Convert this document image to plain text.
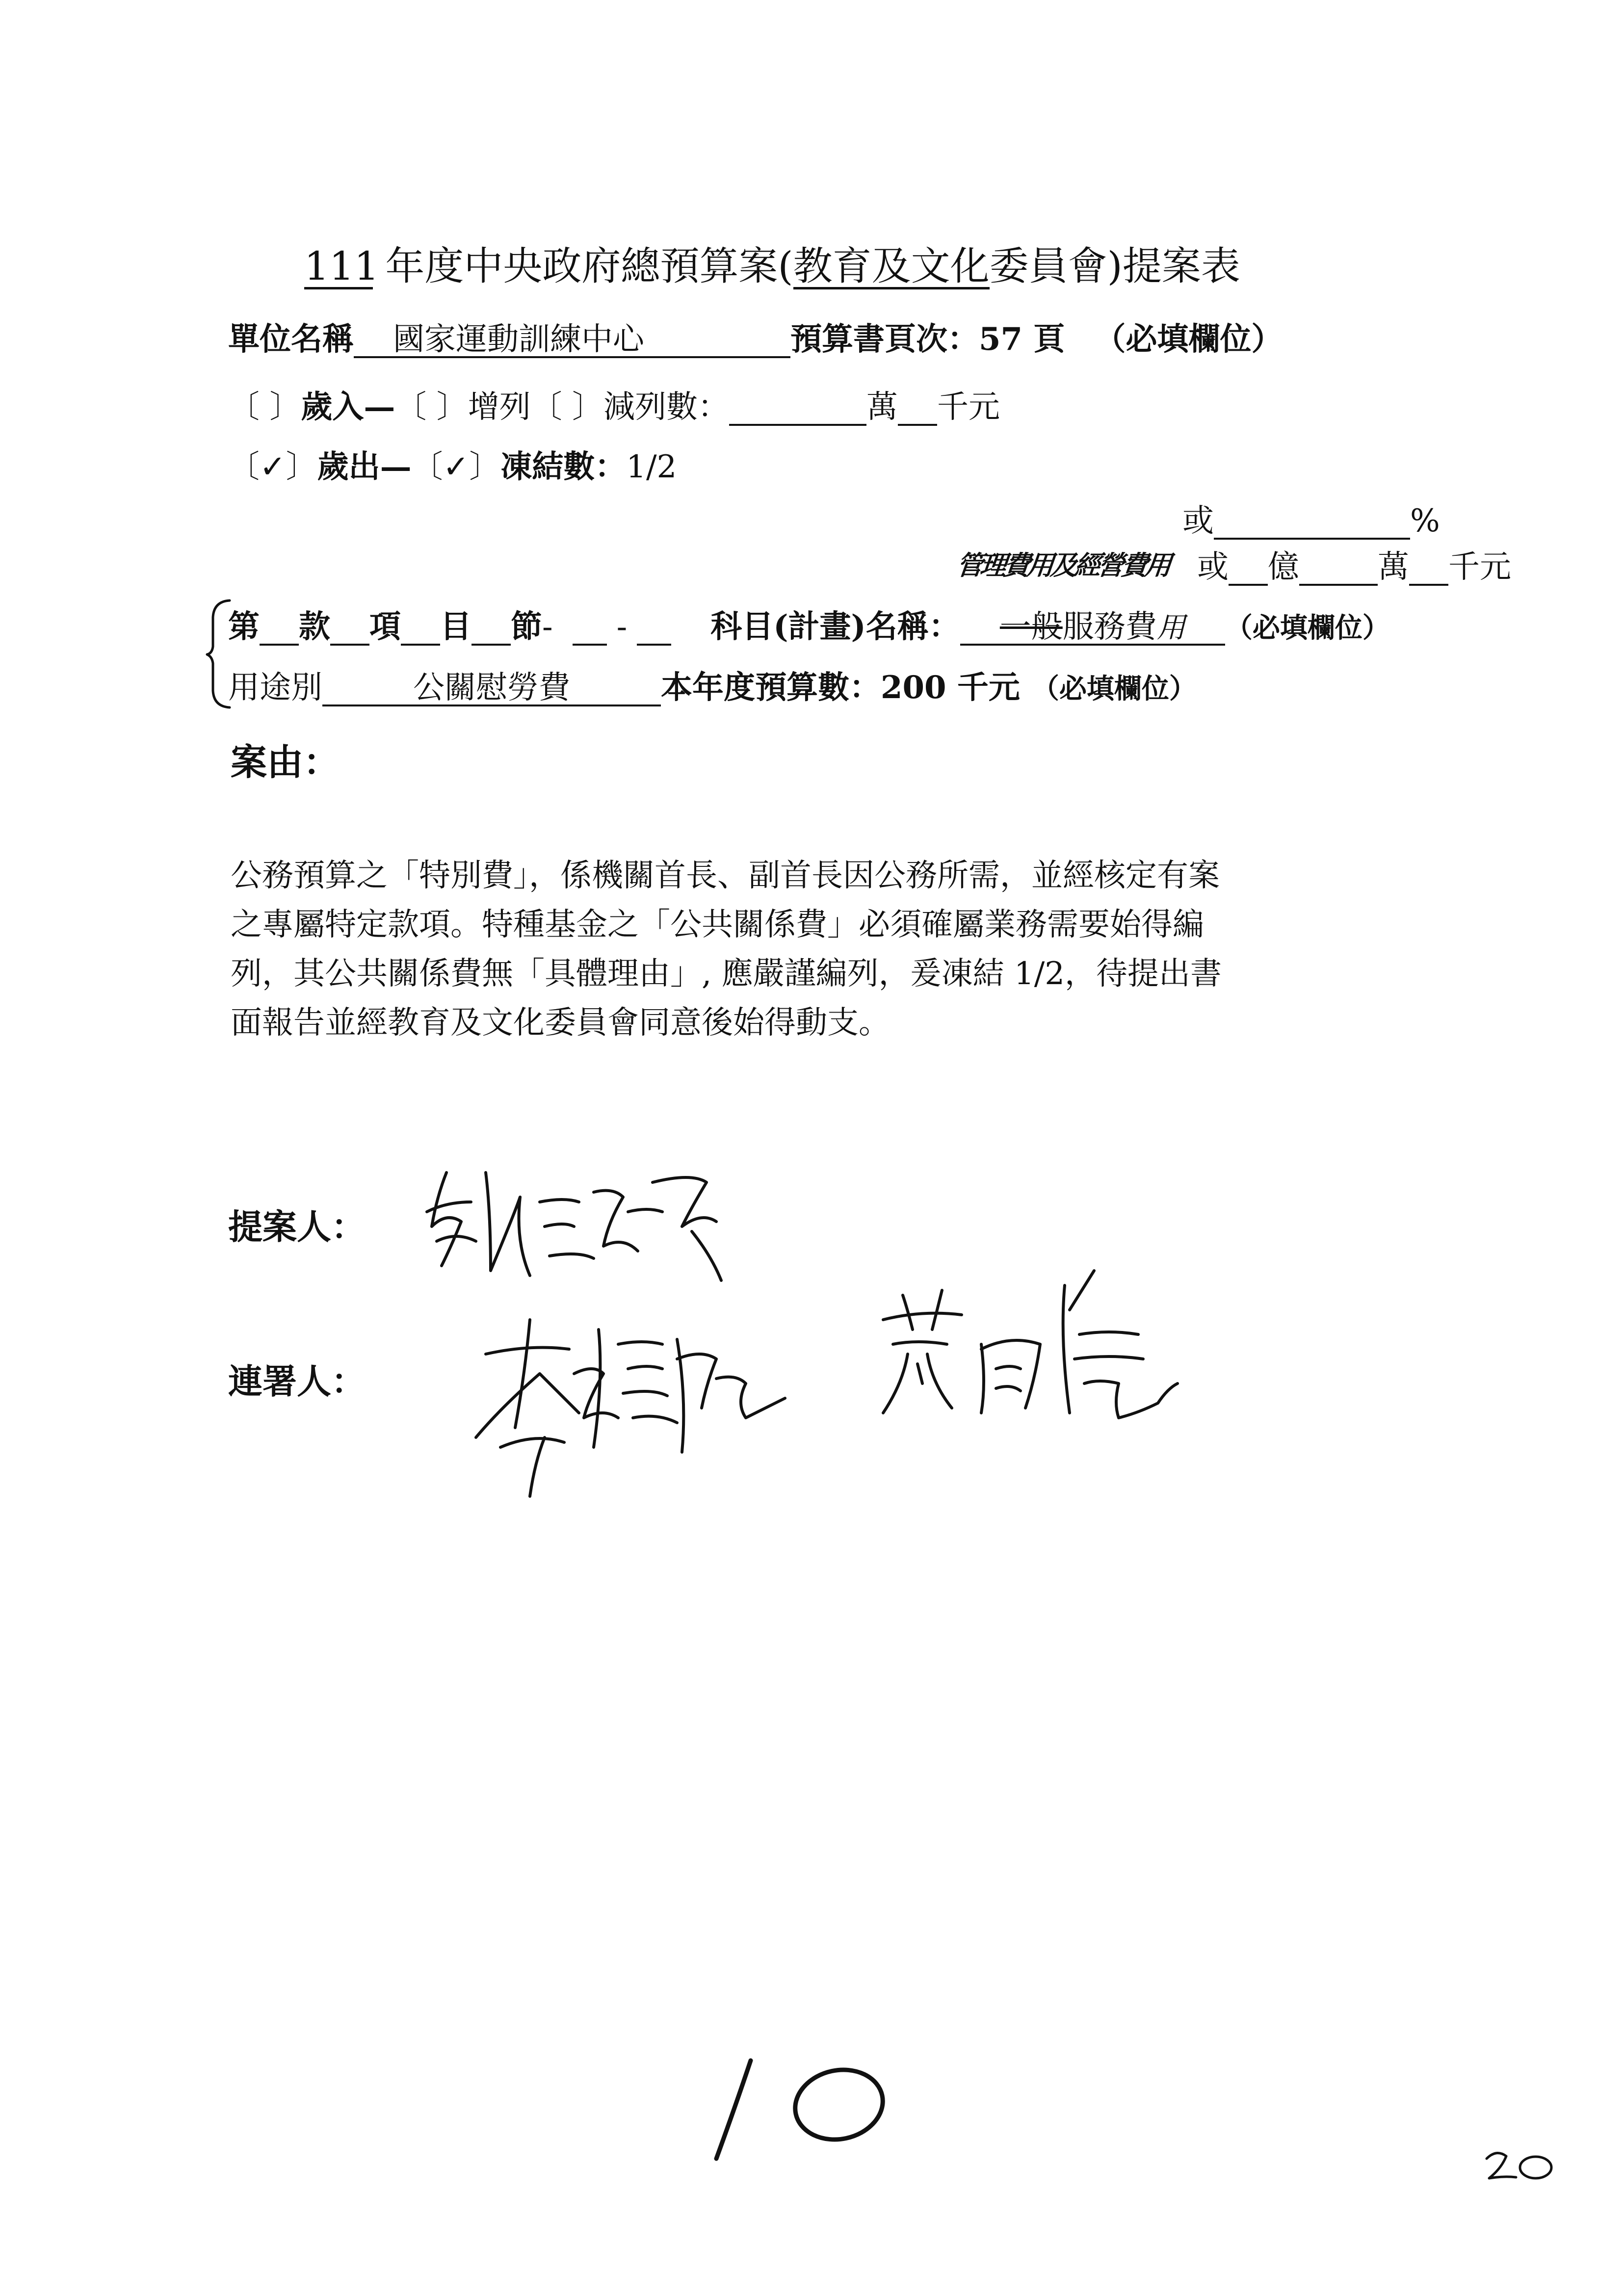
111 年度中央政府總預算案(教育及文化委員會)提案表
單位名稱 國家運動訓練中心	預算書頁次：57 頁 （必填欄位）
〔 〕歲入—〔 〕增列〔 〕減列數：	萬 千元
〔✓〕歲出—〔✓〕凍結數：1/2
或	%
管理費用及經營費用 或 億	萬 千元
第 款 項 目 節- -	科目(計畫)名稱： 一般服務費用 （必填欄位）
用途別	公關慰勞費	本年度預算數：200 千元 （必填欄位）
案由：
公務預算之「特別費」，係機關首長、副首長因公務所需，並經核定有案
之專屬特定款項。特種基金之「公共關係費」必須確屬業務需要始得編
列，其公共關係費無「具體理由」, 應嚴謹編列，爰凍結 1/2，待提出書
面報告並經教育及文化委員會同意後始得動支。
提案人：
連署人：
